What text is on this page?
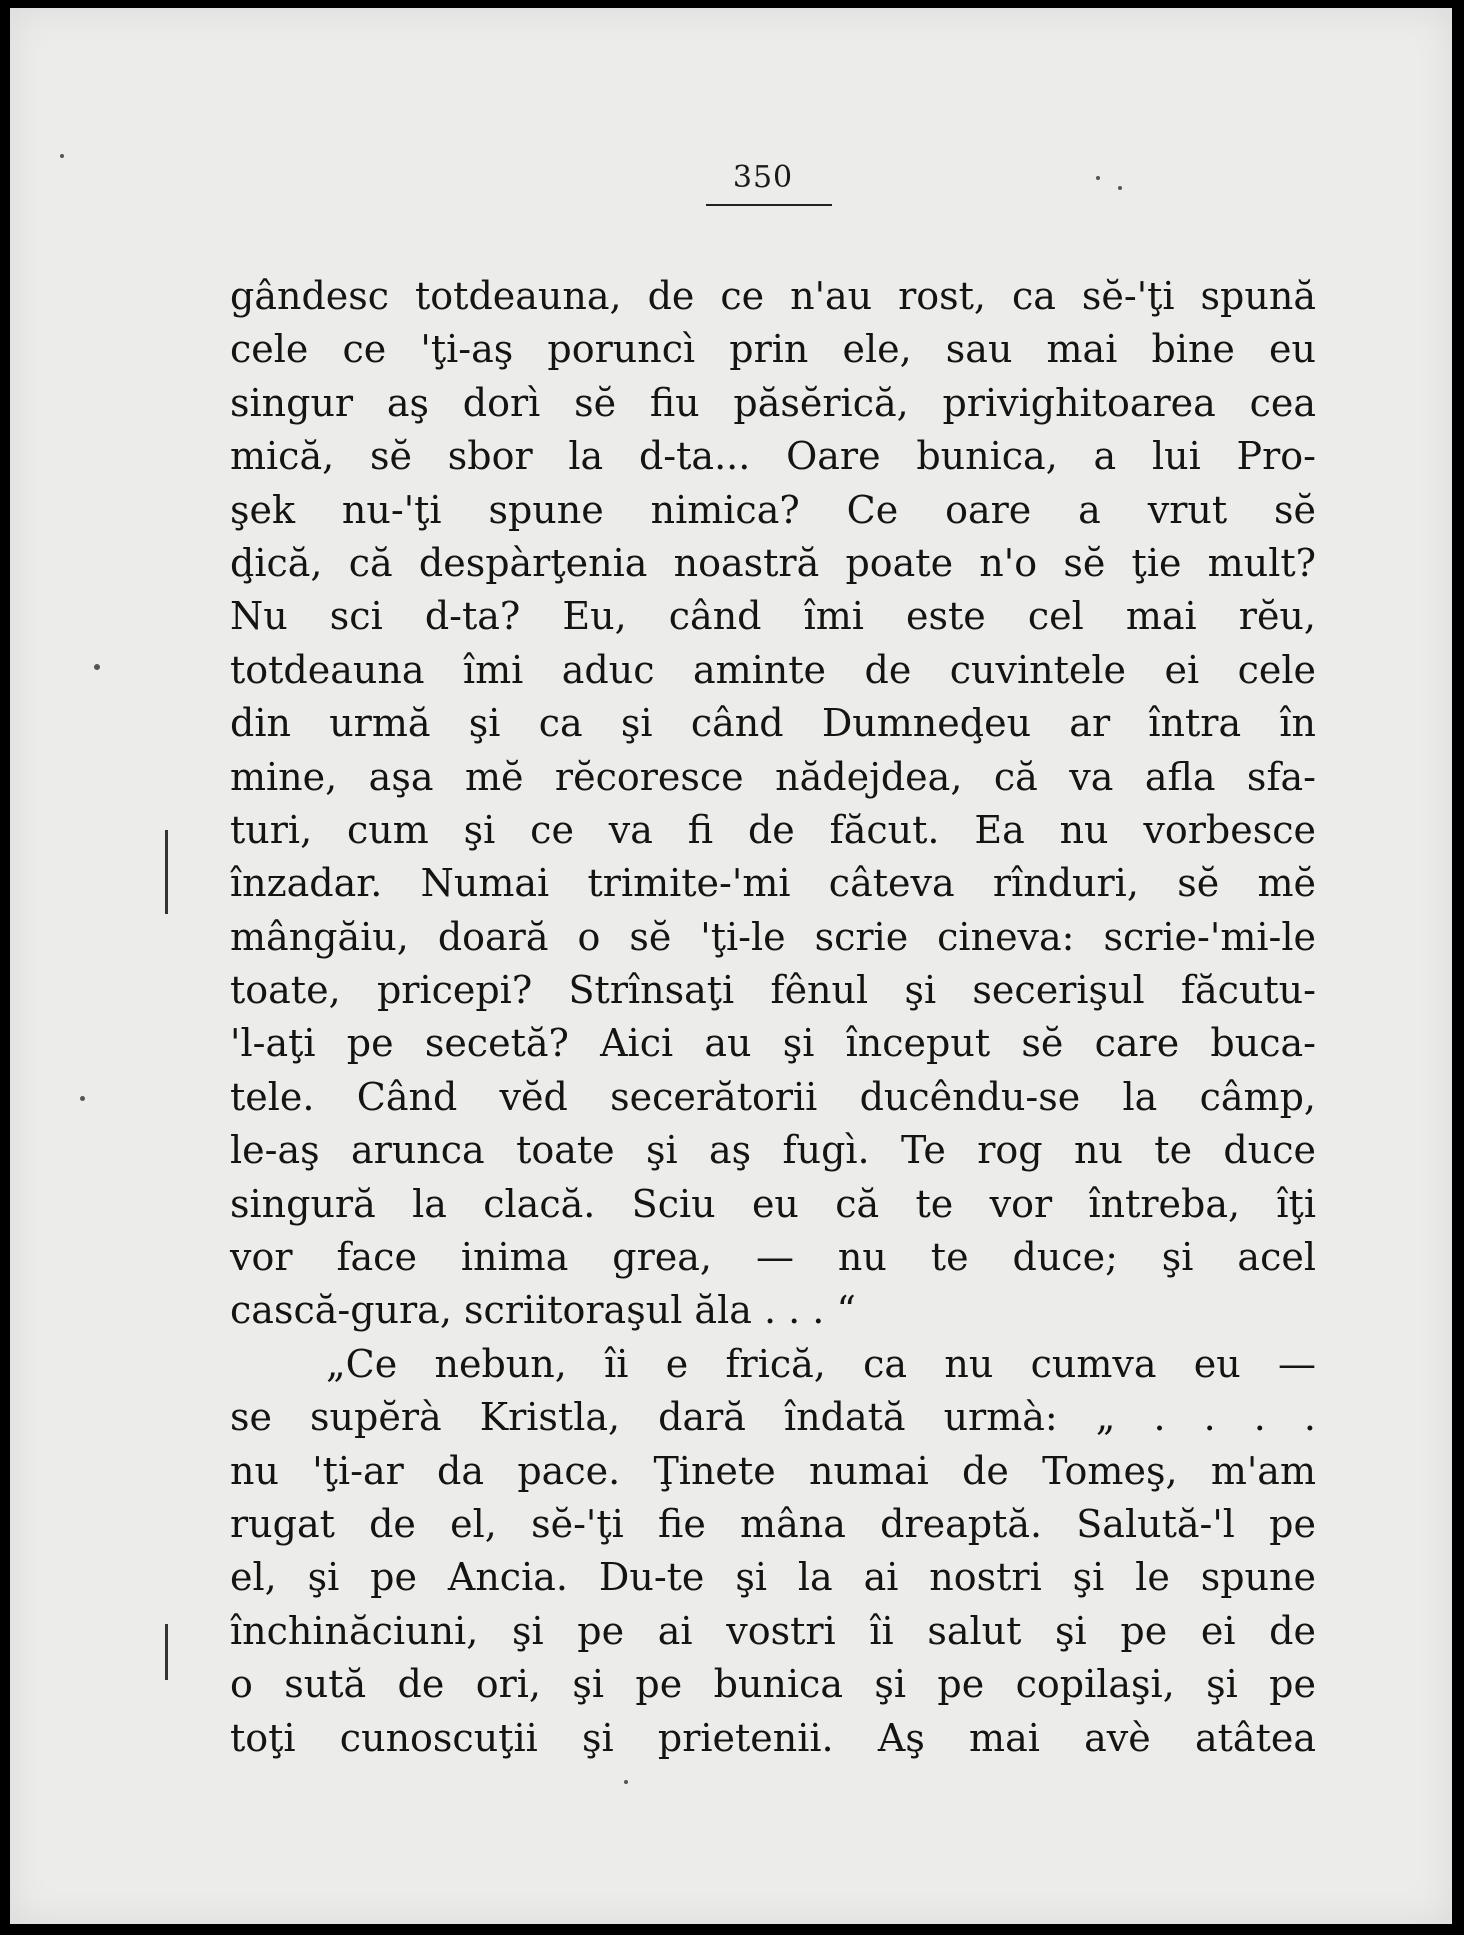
350
gândesc totdeauna, de ce n'au rost, ca sĕ-'ţi spună
cele ce 'ţi-aş poruncì prin ele, sau mai bine eu
singur aş dorì sĕ fiu păsĕrică, privighitoarea cea
mică, sĕ sbor la d-ta... Oare bunica, a lui Pro-
şek nu-'ţi spune nimica? Ce oare a vrut sĕ
ḑică, că despàrţenia noastră poate n'o sĕ ţie mult?
Nu sci d-ta? Eu, când îmi este cel mai rĕu,
totdeauna îmi aduc aminte de cuvintele ei cele
din urmă şi ca şi când Dumneḑeu ar întra în
mine, aşa mĕ rĕcoresce nădejdea, că va afla sfa-
turi, cum şi ce va fi de făcut. Ea nu vorbesce
înzadar. Numai trimite-'mi câteva rînduri, sĕ mĕ
mângăiu, doară o sĕ 'ţi-le scrie cineva: scrie-'mi-le
toate, pricepi? Strînsaţi fênul şi secerişul făcutu-
'l-aţi pe secetă? Aici au şi început sĕ care buca-
tele. Când vĕd secerătorii ducêndu-se la câmp,
le-aş arunca toate şi aş fugì. Te rog nu te duce
singură la clacă. Sciu eu că te vor întreba, îţi
vor face inima grea, — nu te duce; şi acel
cască-gura, scriitoraşul ăla . . . “
„Ce nebun, îi e frică, ca nu cumva eu —
se supĕrà Kristla, dară îndată urmà: „ . . . .
nu 'ţi-ar da pace. Ţinete numai de Tomeş, m'am
rugat de el, sĕ-'ţi fie mâna dreaptă. Salută-'l pe
el, şi pe Ancia. Du-te şi la ai nostri şi le spune
închinăciuni, şi pe ai vostri îi salut şi pe ei de
o sută de ori, şi pe bunica şi pe copilaşi, şi pe
toţi cunoscuţii şi prietenii. Aş mai avè atâtea
